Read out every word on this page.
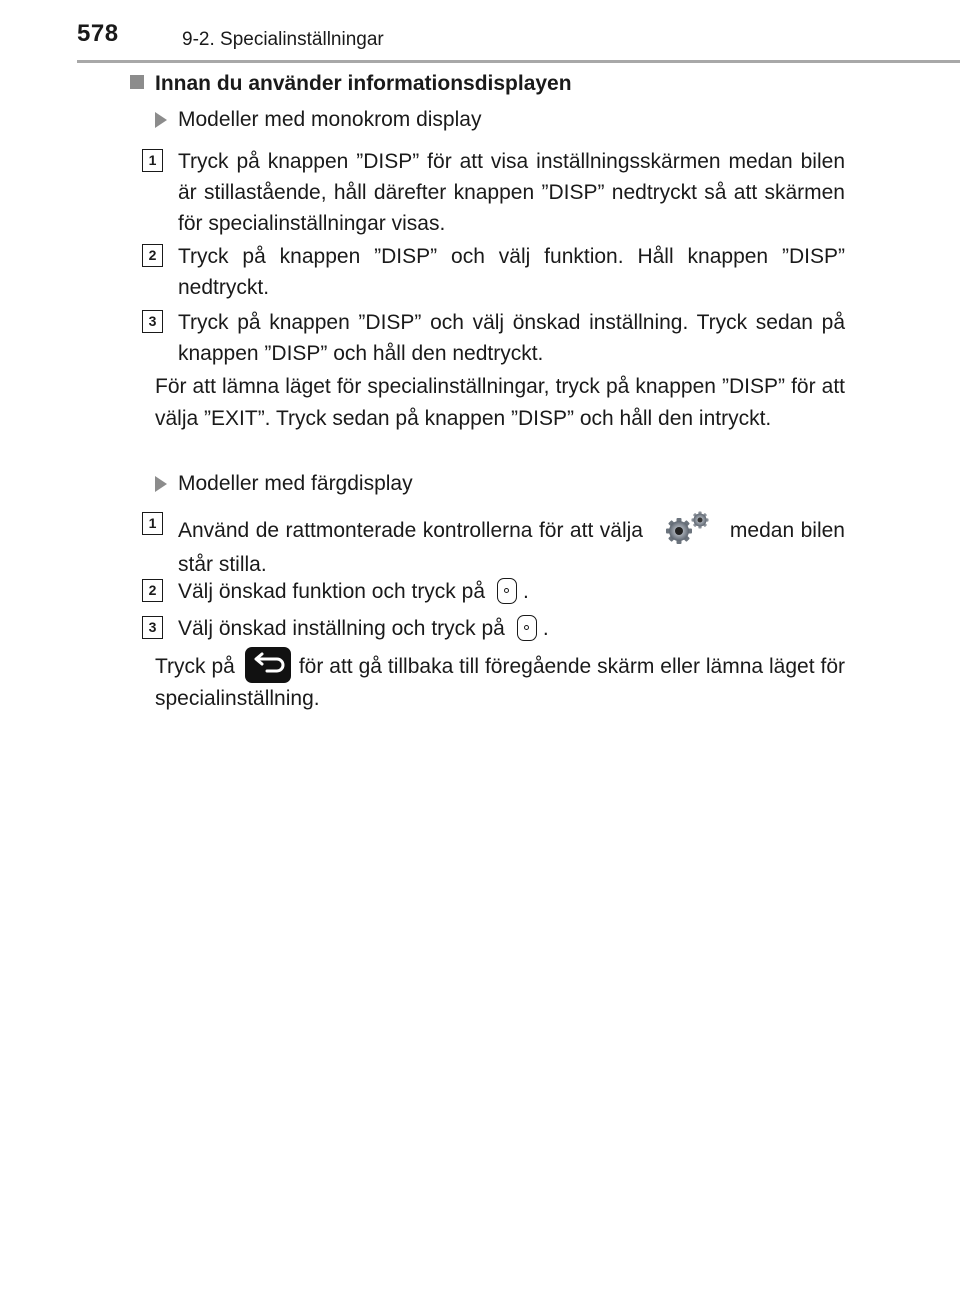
578	9-2. Specialinställningar
Innan du använder informationsdisplayen
Modeller med monokrom display
1	Tryck på knappen ”DISP” för att visa inställningsskärmen medan bilen är stillastående, håll därefter knappen ”DISP” nedtryckt så att skärmen för specialinställningar visas.
2	Tryck på knappen ”DISP” och välj funktion. Håll knappen ”DISP” nedtryckt.
3	Tryck på knappen ”DISP” och välj önskad inställning. Tryck sedan på knappen ”DISP” och håll den nedtryckt.
För att lämna läget för specialinställningar, tryck på knappen ”DISP” för att välja ”EXIT”. Tryck sedan på knappen ”DISP” och håll den intryckt.
Modeller med färgdisplay
1	Använd de rattmonterade kontrollerna för att välja	medan bilen står stilla.
2	Välj önskad funktion och tryck på .
3	Välj önskad inställning och tryck på .
Tryck på	för att gå tillbaka till föregående skärm eller lämna läget för specialinställning.
